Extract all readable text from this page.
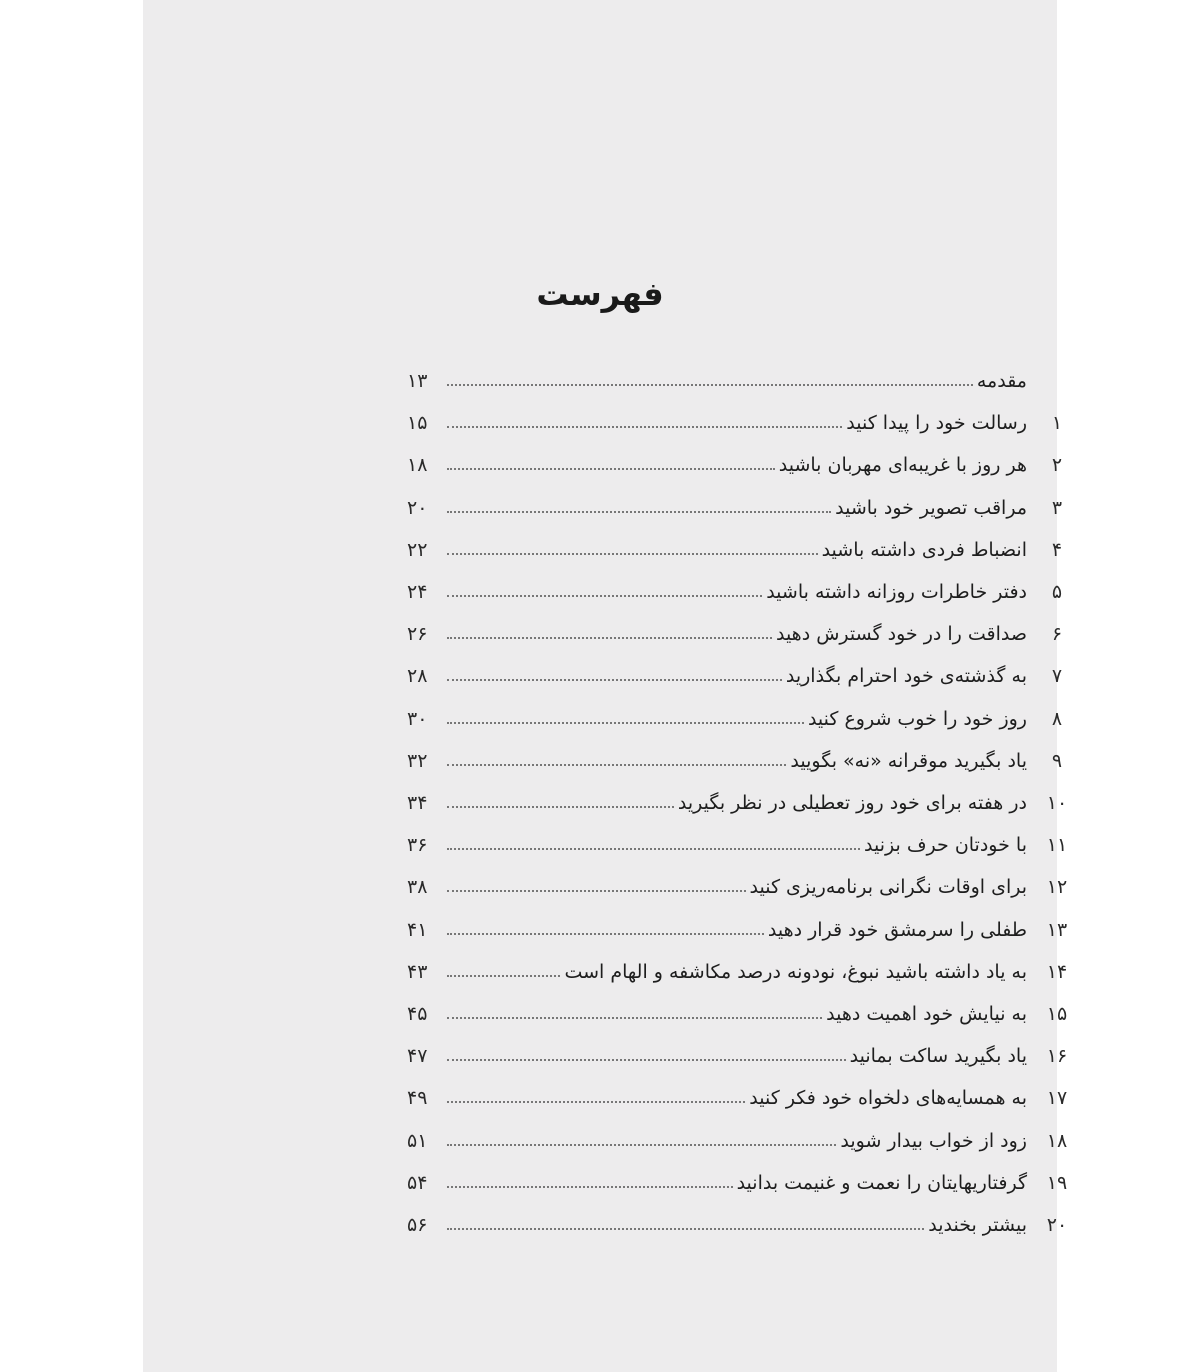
فهرست
مقدمه
۱۳
۱
رسالت خود را پیدا کنید
۱۵
۲
هر روز با غریبه‌ای مهربان باشید
۱۸
۳
مراقب تصویر خود باشید
۲۰
۴
انضباط فردی داشته باشید
۲۲
۵
دفتر خاطرات روزانه داشته باشید
۲۴
۶
صداقت را در خود گسترش دهید
۲۶
۷
به گذشته‌ی خود احترام بگذارید
۲۸
۸
روز خود را خوب شروع کنید
۳۰
۹
یاد بگیرید موقرانه «نه» بگویید
۳۲
۱۰
در هفته برای خود روز تعطیلی در نظر بگیرید
۳۴
۱۱
با خودتان حرف بزنید
۳۶
۱۲
برای اوقات نگرانی برنامه‌ریزی کنید
۳۸
۱۳
طفلی را سرمشق خود قرار دهید
۴۱
۱۴
به یاد داشته باشید نبوغ، نودونه درصد مکاشفه و الهام است
۴۳
۱۵
به نیایش خود اهمیت دهید
۴۵
۱۶
یاد بگیرید ساکت بمانید
۴۷
۱۷
به همسایه‌های دلخواه خود فکر کنید
۴۹
۱۸
زود از خواب بیدار شوید
۵۱
۱۹
گرفتاریهایتان را نعمت و غنیمت بدانید
۵۴
۲۰
بیشتر بخندید
۵۶
